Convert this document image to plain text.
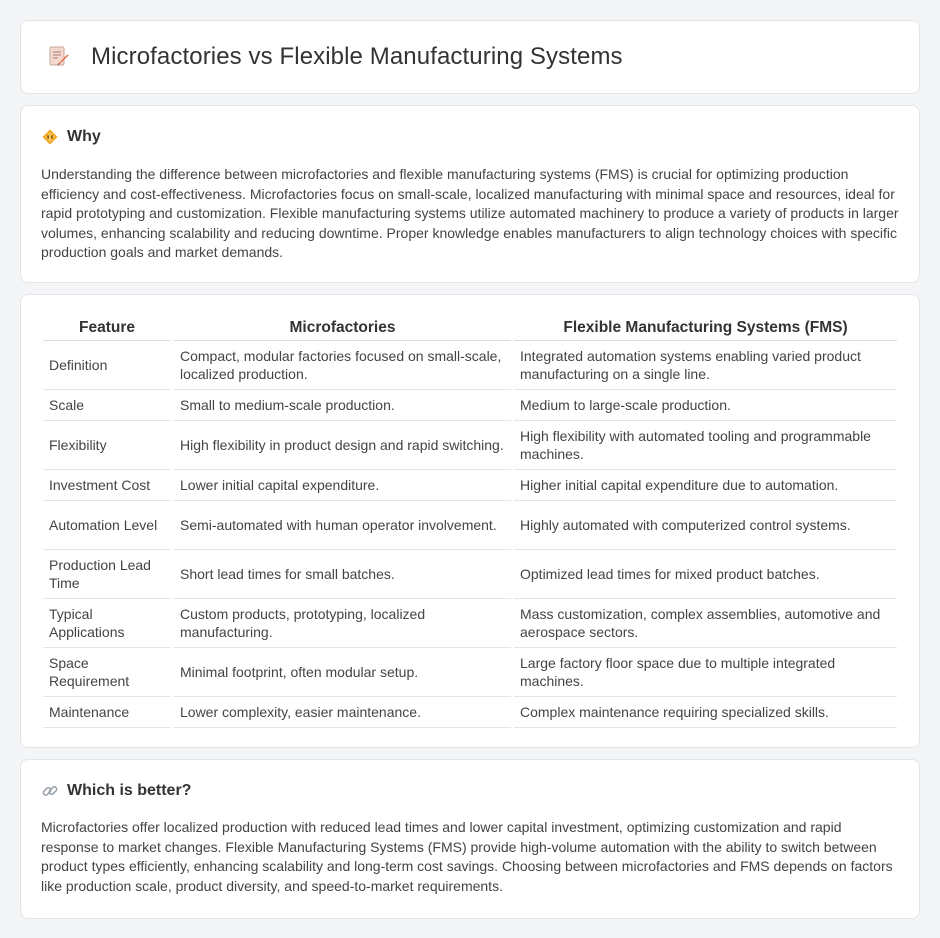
Microfactories vs Flexible Manufacturing Systems
Why

Understanding the difference between microfactories and flexible manufacturing systems (FMS) is crucial for optimizing production efficiency and cost-effectiveness. Microfactories focus on small-scale, localized manufacturing with minimal space and resources, ideal for rapid prototyping and customization. Flexible manufacturing systems utilize automated machinery to produce a variety of products in larger volumes, enhancing scalability and reducing downtime. Proper knowledge enables manufacturers to align technology choices with specific production goals and market demands.

Feature	Microfactories	Flexible Manufacturing Systems (FMS)
Definition	Compact, modular factories focused on small-scale, localized production.	Integrated automation systems enabling varied product manufacturing on a single line.
Scale	Small to medium-scale production.	Medium to large-scale production.
Flexibility	High flexibility in product design and rapid switching.	High flexibility with automated tooling and programmable machines.
Investment Cost	Lower initial capital expenditure.	Higher initial capital expenditure due to automation.
Automation Level	Semi-automated with human operator involvement.	Highly automated with computerized control systems.
Production Lead Time	Short lead times for small batches.	Optimized lead times for mixed product batches.
Typical Applications	Custom products, prototyping, localized manufacturing.	Mass customization, complex assemblies, automotive and aerospace sectors.
Space Requirement	Minimal footprint, often modular setup.	Large factory floor space due to multiple integrated machines.
Maintenance	Lower complexity, easier maintenance.	Complex maintenance requiring specialized skills.
Which is better?

Microfactories offer localized production with reduced lead times and lower capital investment, optimizing customization and rapid response to market changes. Flexible Manufacturing Systems (FMS) provide high-volume automation with the ability to switch between product types efficiently, enhancing scalability and long-term cost savings. Choosing between microfactories and FMS depends on factors like production scale, product diversity, and speed-to-market requirements.
